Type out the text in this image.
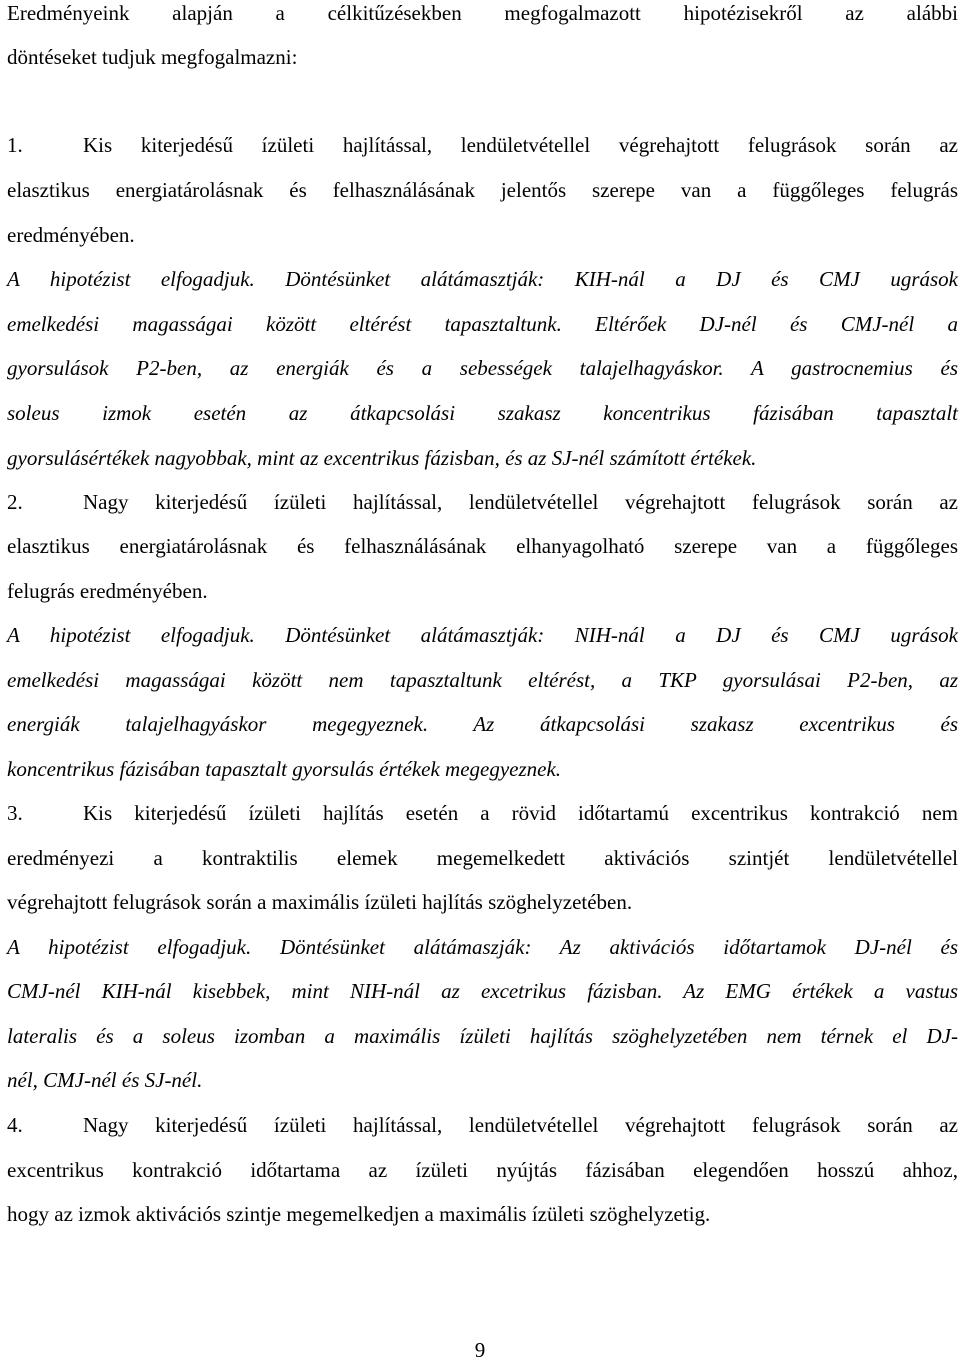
Eredményeink alapján a célkitűzésekben megfogalmazott hipotézisekről az alábbi
döntéseket tudjuk megfogalmazni:
1.	Kis kiterjedésű ízületi hajlítással, lendületvétellel végrehajtott felugrások során az
elasztikus energiatárolásnak és felhasználásának jelentős szerepe van a függőleges felugrás
eredményében.
A hipotézist elfogadjuk. Döntésünket alátámasztják: KIH-nál a DJ és CMJ ugrások
emelkedési magasságai között eltérést tapasztaltunk. Eltérőek DJ-nél és CMJ-nél a
gyorsulások P2-ben, az energiák és a sebességek talajelhagyáskor. A gastrocnemius és
soleus izmok esetén az átkapcsolási szakasz koncentrikus fázisában tapasztalt
gyorsulásértékek nagyobbak, mint az excentrikus fázisban, és az SJ-nél számított értékek.
2.	Nagy kiterjedésű ízületi hajlítással, lendületvétellel végrehajtott felugrások során az
elasztikus energiatárolásnak és felhasználásának elhanyagolható szerepe van a függőleges
felugrás eredményében.
A hipotézist elfogadjuk. Döntésünket alátámasztják: NIH-nál a DJ és CMJ ugrások
emelkedési magasságai között nem tapasztaltunk eltérést, a TKP gyorsulásai P2-ben, az
energiák talajelhagyáskor megegyeznek. Az átkapcsolási szakasz excentrikus és
koncentrikus fázisában tapasztalt gyorsulás értékek megegyeznek.
3.	Kis kiterjedésű ízületi hajlítás esetén a rövid időtartamú excentrikus kontrakció nem
eredményezi a kontraktilis elemek megemelkedett aktivációs szintjét lendületvétellel
végrehajtott felugrások során a maximális ízületi hajlítás szöghelyzetében.
A hipotézist elfogadjuk. Döntésünket alátámaszják: Az aktivációs időtartamok DJ-nél és
CMJ-nél KIH-nál kisebbek, mint NIH-nál az excetrikus fázisban. Az EMG értékek a vastus
lateralis és a soleus izomban a maximális ízületi hajlítás szöghelyzetében nem térnek el DJ-
nél, CMJ-nél és SJ-nél.
4.	Nagy kiterjedésű ízületi hajlítással, lendületvétellel végrehajtott felugrások során az
excentrikus kontrakció időtartama az ízületi nyújtás fázisában elegendően hosszú ahhoz,
hogy az izmok aktivációs szintje megemelkedjen a maximális ízületi szöghelyzetig.
9
